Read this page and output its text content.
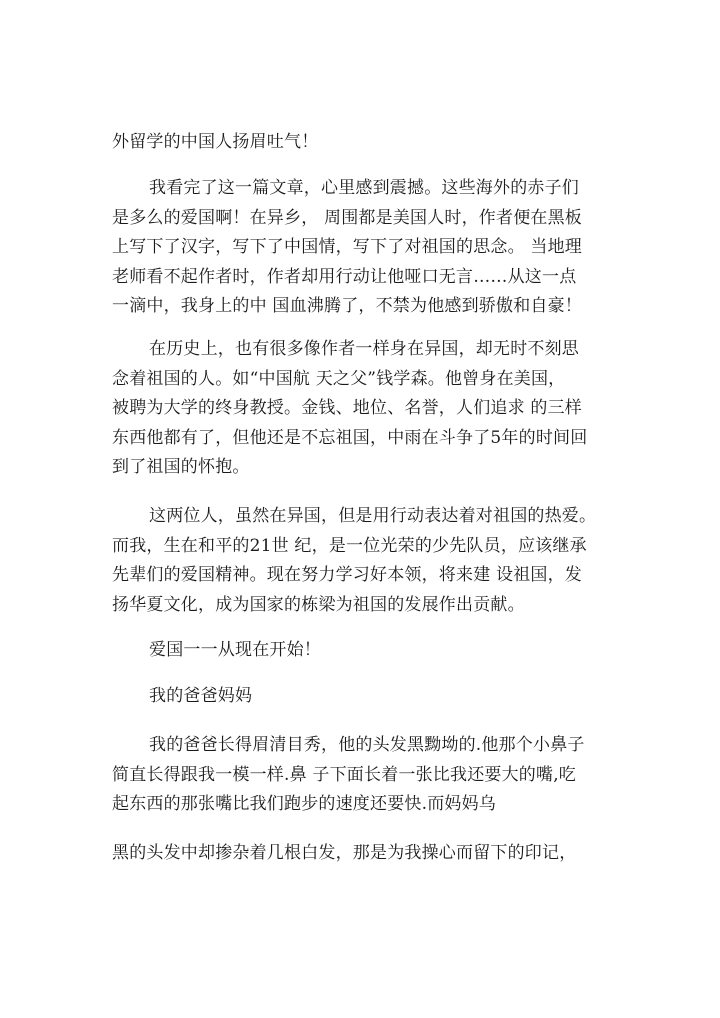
外留学的中国人扬眉吐气！

我看完了这一篇文章，心里感到震撼。这些海外的赤子们
是多么的爱国啊！在异乡， 周围都是美国人时，作者便在黑板
上写下了汉字，写下了中国情，写下了对祖国的思念。 当地理
老师看不起作者时，作者却用行动让他哑口无言……从这一点
一滴中，我身上的中 国血沸腾了，不禁为他感到骄傲和自豪！

在历史上，也有很多像作者一样身在异国，却无时不刻思
念着祖国的人。如“中国航 天之父”钱学森。他曾身在美国，
被聘为大学的终身教授。金钱、地位、名誉，人们追求 的三样
东西他都有了，但他还是不忘祖国，中雨在斗争了5年的时间回
到了祖国的怀抱。

这两位人，虽然在异国，但是用行动表达着对祖国的热爱。
而我，生在和平的21世 纪，是一位光荣的少先队员，应该继承
先辈们的爱国精神。现在努力学习好本领，将来建 设祖国，发
扬华夏文化，成为国家的栋梁为祖国的发展作出贡献。

爱国一一从现在开始！

我的爸爸妈妈

我的爸爸长得眉清目秀，他的头发黑黝坳的.他那个小鼻子
简直长得跟我一模一样.鼻 子下面长着一张比我还要大的嘴,吃
起东西的那张嘴比我们跑步的速度还要快.而妈妈乌

黑的头发中却掺杂着几根白发，那是为我操心而留下的印记，
